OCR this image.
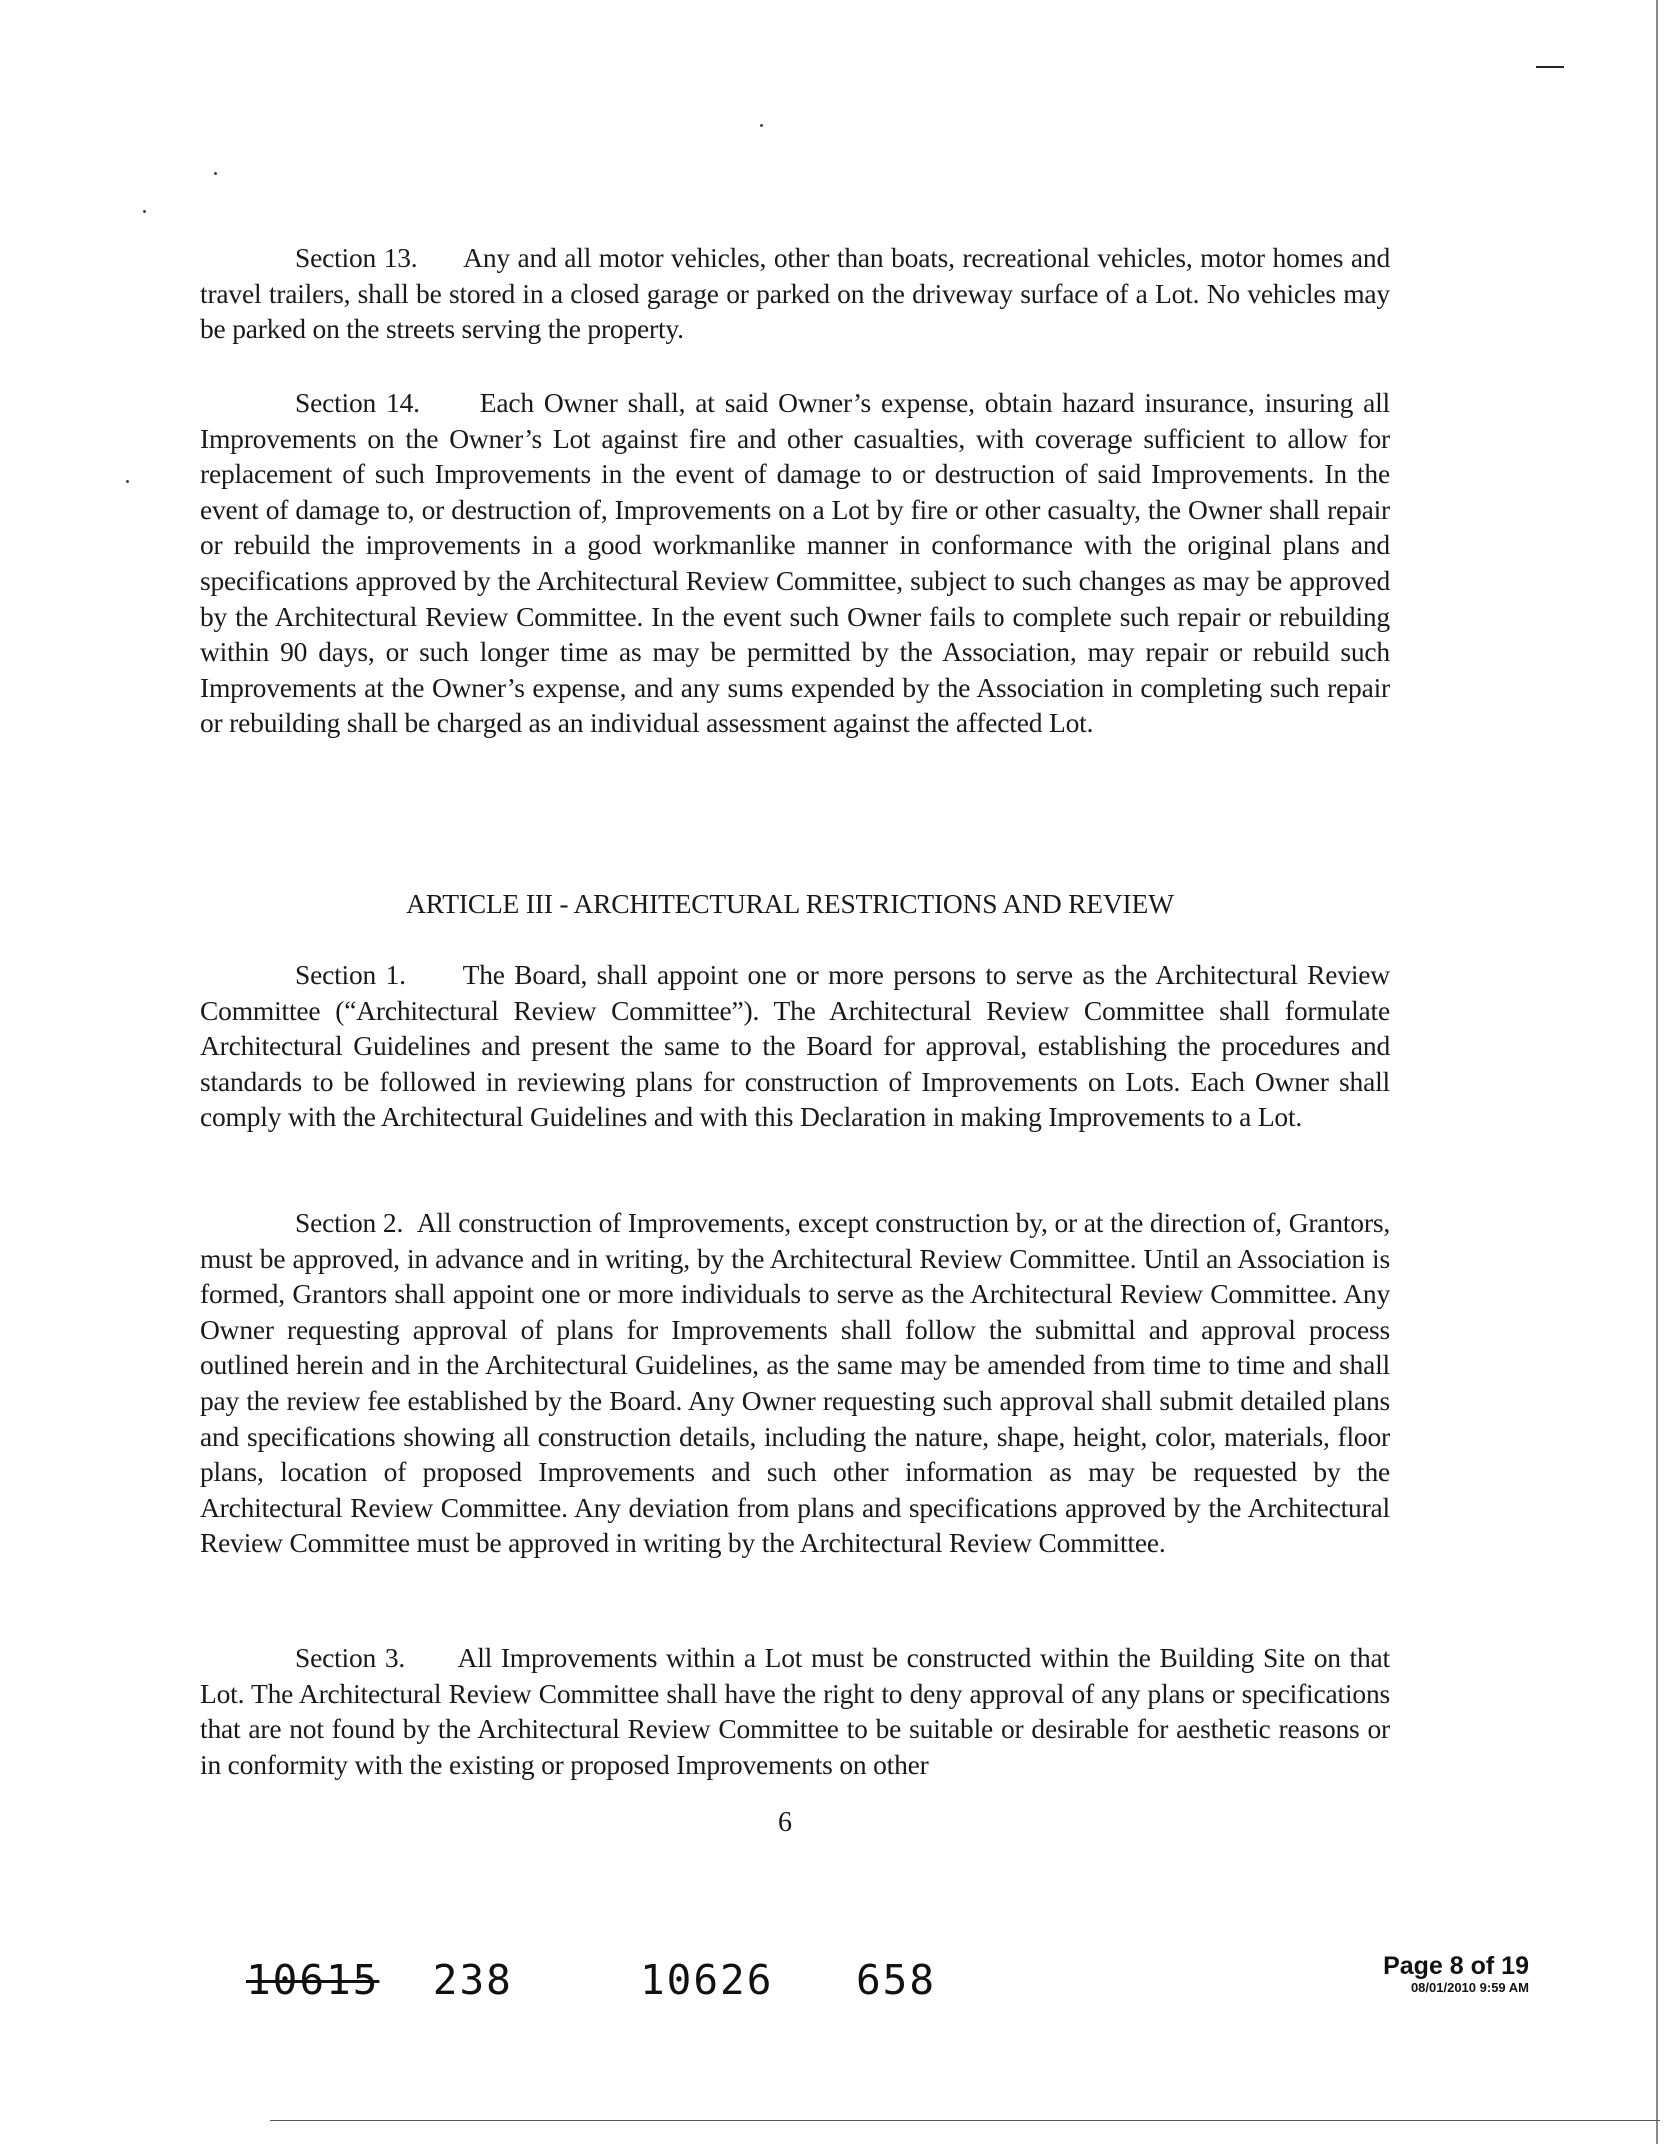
Section 13. Any and all motor vehicles, other than boats, recreational vehicles, motor homes and travel trailers, shall be stored in a closed garage or parked on the driveway surface of a Lot. No vehicles may be parked on the streets serving the property.
Section 14. Each Owner shall, at said Owner’s expense, obtain hazard insurance, insuring all Improvements on the Owner’s Lot against fire and other casualties, with coverage sufficient to allow for replacement of such Improvements in the event of damage to or destruction of said Improvements. In the event of damage to, or destruction of, Improvements on a Lot by fire or other casualty, the Owner shall repair or rebuild the improvements in a good workmanlike manner in conformance with the original plans and specifications approved by the Architectural Review Committee, subject to such changes as may be approved by the Architectural Review Committee. In the event such Owner fails to complete such repair or rebuilding within 90 days, or such longer time as may be permitted by the Association, may repair or rebuild such Improvements at the Owner’s expense, and any sums expended by the Association in completing such repair or rebuilding shall be charged as an individual assessment against the affected Lot.
ARTICLE III - ARCHITECTURAL RESTRICTIONS AND REVIEW
Section 1. The Board, shall appoint one or more persons to serve as the Architectural Review Committee (“Architectural Review Committee”). The Architectural Review Committee shall formulate Architectural Guidelines and present the same to the Board for approval, establishing the procedures and standards to be followed in reviewing plans for construction of Improvements on Lots. Each Owner shall comply with the Architectural Guidelines and with this Declaration in making Improvements to a Lot.
Section 2. All construction of Improvements, except construction by, or at the direction of, Grantors, must be approved, in advance and in writing, by the Architectural Review Committee. Until an Association is formed, Grantors shall appoint one or more individuals to serve as the Architectural Review Committee. Any Owner requesting approval of plans for Improvements shall follow the submittal and approval process outlined herein and in the Architectural Guidelines, as the same may be amended from time to time and shall pay the review fee established by the Board. Any Owner requesting such approval shall submit detailed plans and specifications showing all construction details, including the nature, shape, height, color, materials, floor plans, location of proposed Improvements and such other information as may be requested by the Architectural Review Committee. Any deviation from plans and specifications approved by the Architectural Review Committee must be approved in writing by the Architectural Review Committee.
Section 3. All Improvements within a Lot must be constructed within the Building Site on that Lot. The Architectural Review Committee shall have the right to deny approval of any plans or specifications that are not found by the Architectural Review Committee to be suitable or desirable for aesthetic reasons or in conformity with the existing or proposed Improvements on other
6
10615 238	10626 658	Page 8 of 19
08/01/2010 9:59 AM
